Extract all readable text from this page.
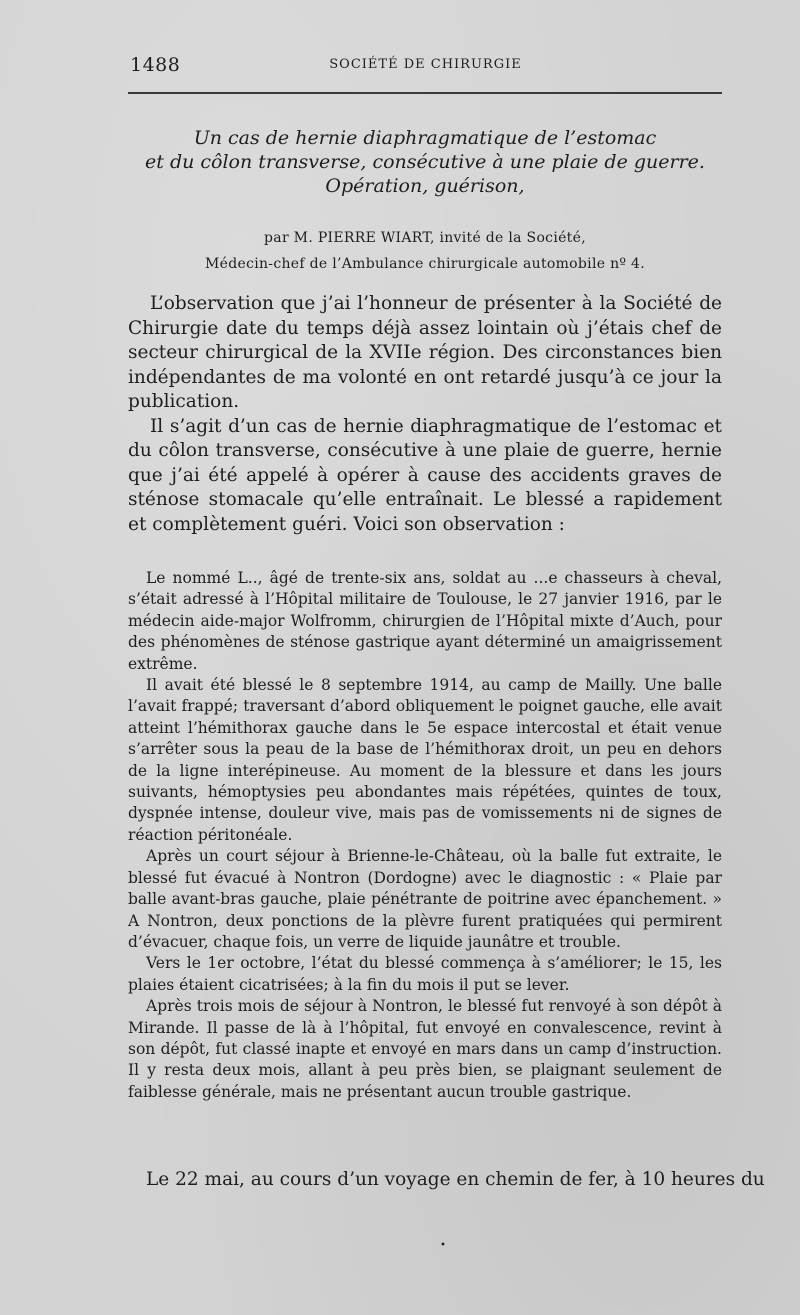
1488	SOCIÉTÉ DE CHIRURGIE
Un cas de hernie diaphragmatique de l’estomac
et du côlon transverse, consécutive à une plaie de guerre.
Opération, guérison,
par M. PIERRE WIART, invité de la Société,
Médecin-chef de l’Ambulance chirurgicale automobile nº 4.

L’observation que j’ai l’honneur de présenter à la Société de Chirurgie date du temps déjà assez lointain où j’étais chef de secteur chirurgical de la XVIIe région. Des circonstances bien indépendantes de ma volonté en ont retardé jusqu’à ce jour la publication.

Il s’agit d’un cas de hernie diaphragmatique de l’estomac et du côlon transverse, consécutive à une plaie de guerre, hernie que j’ai été appelé à opérer à cause des accidents graves de sténose stomacale qu’elle entraînait. Le blessé a rapidement et complètement guéri. Voici son observation :

Le nommé L.., âgé de trente-six ans, soldat au ...e chasseurs à cheval, s’était adressé à l’Hôpital militaire de Toulouse, le 27 janvier 1916, par le médecin aide-major Wolfromm, chirurgien de l’Hôpital mixte d’Auch, pour des phénomènes de sténose gastrique ayant déterminé un amaigrissement extrême.

Il avait été blessé le 8 septembre 1914, au camp de Mailly. Une balle l’avait frappé; traversant d’abord obliquement le poignet gauche, elle avait atteint l’hémithorax gauche dans le 5e espace intercostal et était venue s’arrêter sous la peau de la base de l’hémithorax droit, un peu en dehors de la ligne interépineuse. Au moment de la blessure et dans les jours suivants, hémoptysies peu abondantes mais répétées, quintes de toux, dyspnée intense, douleur vive, mais pas de vomissements ni de signes de réaction péritonéale.

Après un court séjour à Brienne-le-Château, où la balle fut extraite, le blessé fut évacué à Nontron (Dordogne) avec le diagnostic : « Plaie par balle avant-bras gauche, plaie pénétrante de poitrine avec épanchement. » A Nontron, deux ponctions de la plèvre furent pratiquées qui permirent d’évacuer, chaque fois, un verre de liquide jaunâtre et trouble.

Vers le 1er octobre, l’état du blessé commença à s’améliorer; le 15, les plaies étaient cicatrisées; à la fin du mois il put se lever.

Après trois mois de séjour à Nontron, le blessé fut renvoyé à son dépôt à Mirande. Il passe de là à l’hôpital, fut envoyé en convalescence, revint à son dépôt, fut classé inapte et envoyé en mars dans un camp d’instruction. Il y resta deux mois, allant à peu près bien, se plaignant seulement de faiblesse générale, mais ne présentant aucun trouble gastrique.

Le 22 mai, au cours d’un voyage en chemin de fer, à 10 heures du
•
